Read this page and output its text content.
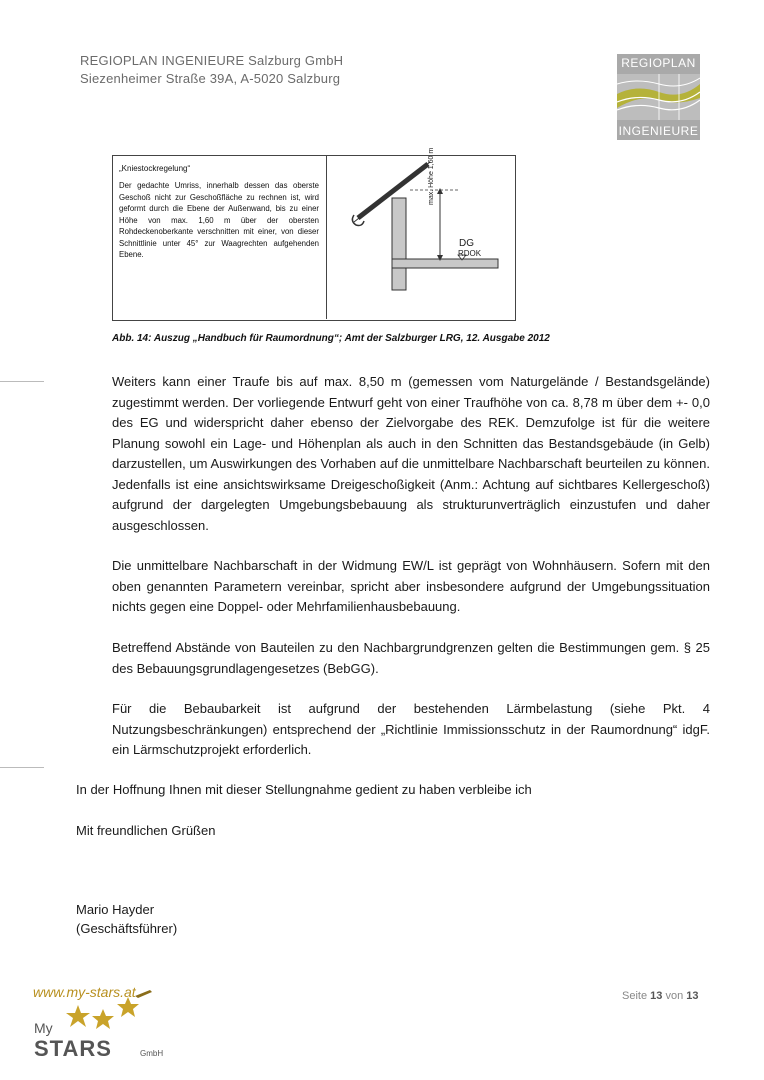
REGIOPLAN INGENIEURE Salzburg GmbH
Siezenheimer Straße 39A, A-5020 Salzburg
REGIOPLAN
INGENIEURE
„Kniestockregelung“
Der gedachte Umriss, innerhalb dessen das oberste Geschoß nicht zur Geschoßfläche zu rechnen ist, wird geformt durch die Ebene der Außenwand, bis zu einer Höhe von max. 1,60 m über der obersten Rohdeckenoberkante verschnitten mit einer, von dieser Schnittlinie unter 45° zur Waagrechten aufgehenden Ebene.
max. Höhe 1,60 m
DG
RDOK
Abb. 14: Auszug „Handbuch für Raumordnung“; Amt der Salzburger LRG, 12. Ausgabe 2012

Weiters kann einer Traufe bis auf max. 8,50 m (gemessen vom Naturgelände / Bestandsgelände) zugestimmt werden. Der vorliegende Entwurf geht von einer Traufhöhe von ca. 8,78 m über dem +- 0,0 des EG und widerspricht daher ebenso der Zielvorgabe des REK. Demzufolge ist für die weitere Planung sowohl ein Lage- und Höhenplan als auch in den Schnitten das Bestandsgebäude (in Gelb) darzustellen, um Auswirkungen des Vorhaben auf die unmittelbare Nachbarschaft beurteilen zu können. Jedenfalls ist eine ansichtswirksame Dreigeschoßigkeit (Anm.: Achtung auf sichtbares Kellergeschoß) aufgrund der dargelegten Umgebungsbebauung als strukturunverträglich einzustufen und daher ausgeschlossen.

Die unmittelbare Nachbarschaft in der Widmung EW/L ist geprägt von Wohnhäusern. Sofern mit den oben genannten Parametern vereinbar, spricht aber insbesondere aufgrund der Umgebungssituation nichts gegen eine Doppel- oder Mehrfamilienhausbebauung.

Betreffend Abstände von Bauteilen zu den Nachbargrundgrenzen gelten die Bestimmungen gem. § 25 des Bebauungsgrundlagengesetzes (BebGG).

Für die Bebaubarkeit ist aufgrund der bestehenden Lärmbelastung (siehe Pkt. 4 Nutzungsbeschränkungen) entsprechend der „Richtlinie Immissionsschutz in der Raumordnung“ idgF. ein Lärmschutzprojekt erforderlich.

In der Hoffnung Ihnen mit dieser Stellungnahme gedient zu haben verbleibe ich
Mit freundlichen Grüßen
Mario Hayder
(Geschäftsführer)
www.my-stars.at
My
STARS	GmbH
Seite 13 von 13
